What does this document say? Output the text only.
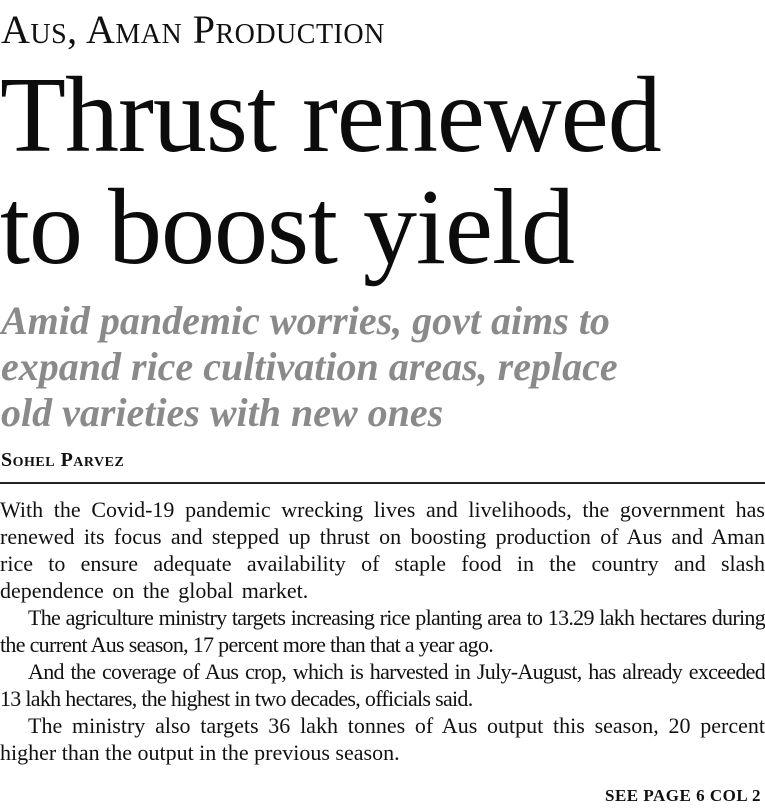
Aus, Aman Production
Thrust renewed
to boost yield
Amid pandemic worries, govt aims to
expand rice cultivation areas, replace
old varieties with new ones
Sohel Parvez

With the Covid-19 pandemic wrecking lives and livelihoods, the government has renewed its focus and stepped up thrust on boosting production of Aus and Aman rice to ensure adequate availability of staple food in the country and slash dependence on the global market.

The agriculture ministry targets increasing rice planting area to 13.29 lakh hectares during the current Aus season, 17 percent more than that a year ago.

And the coverage of Aus crop, which is harvested in July-August, has already exceeded 13 lakh hectares, the highest in two decades, officials said.

The ministry also targets 36 lakh tonnes of Aus output this season, 20 percent higher than the output in the previous season.

SEE PAGE 6 COL 2
